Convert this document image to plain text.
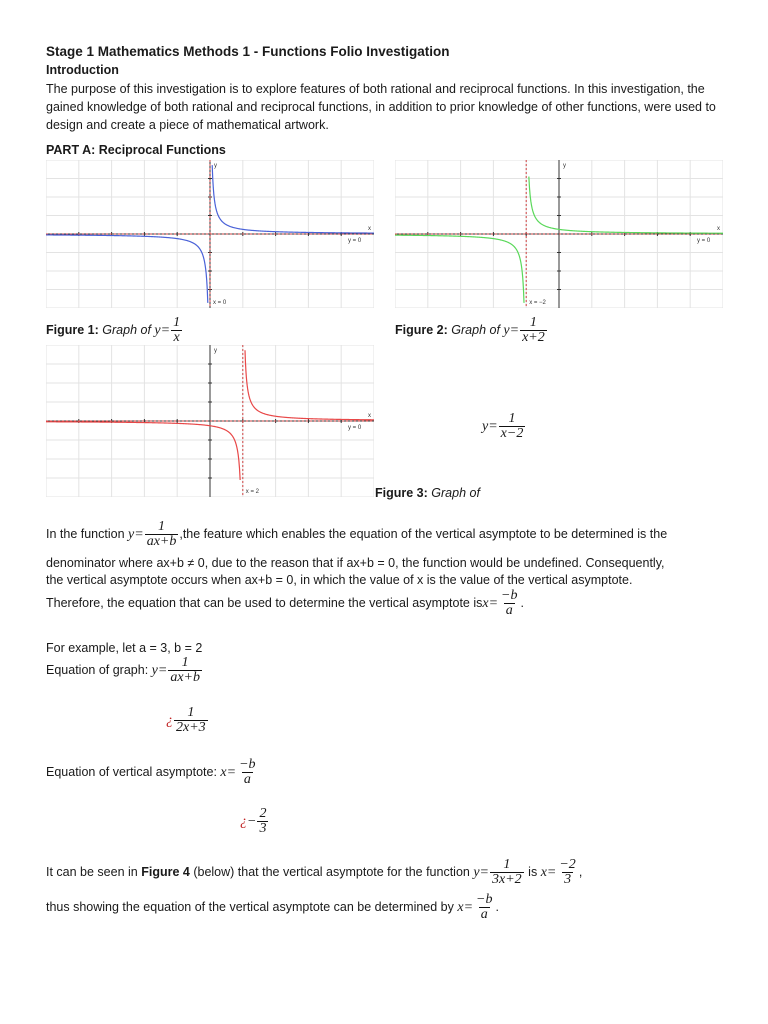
Stage 1 Mathematics Methods 1 - Functions Folio Investigation
Introduction
The purpose of this investigation is to explore features of both rational and reciprocal functions. In this investigation, the gained knowledge of both rational and reciprocal functions, in addition to prior knowledge of other functions, were used to design and create a piece of mathematical artwork.
PART A: Reciprocal Functions
x = 0
y = 0
x
y
Figure 1: Graph of $y= \frac{1}{x}$
x = −2
y = 0
x
y
Figure 2: Graph of $y= \frac{1}{x+2}$
x = 2
y = 0
x
y
$y= \frac{1}{x-2}$
Figure 3: Graph of
In the function $y= \frac{1}{ax+b} ,the$ feature which enables the equation of the vertical asymptote to be determined is the
denominator where ax+b ≠ 0, due to the reason that if ax+b = 0, the function would be undefined. Consequently,
the vertical asymptote occurs when ax+b = 0, in which the value of x is the value of the vertical asymptote.
Therefore, the equation that can be used to determine the vertical asymptote $isx= \frac{-b}{a}$ .
For example, let a = 3, b = 2
Equation of graph: $y= \frac{1}{ax+b}$
¿ $\frac{1}{2x+3}$
Equation of vertical asymptote: $x= \frac{-b}{a}$
¿− $\frac{2}{3}$
It can be seen in Figure 4 (below) that the vertical asymptote for the function $y= \frac{1}{3x+2}$ is $x= \frac{-2}{3}$ ,
thus showing the equation of the vertical asymptote can be determined by $x= \frac{-b}{a}$ .
